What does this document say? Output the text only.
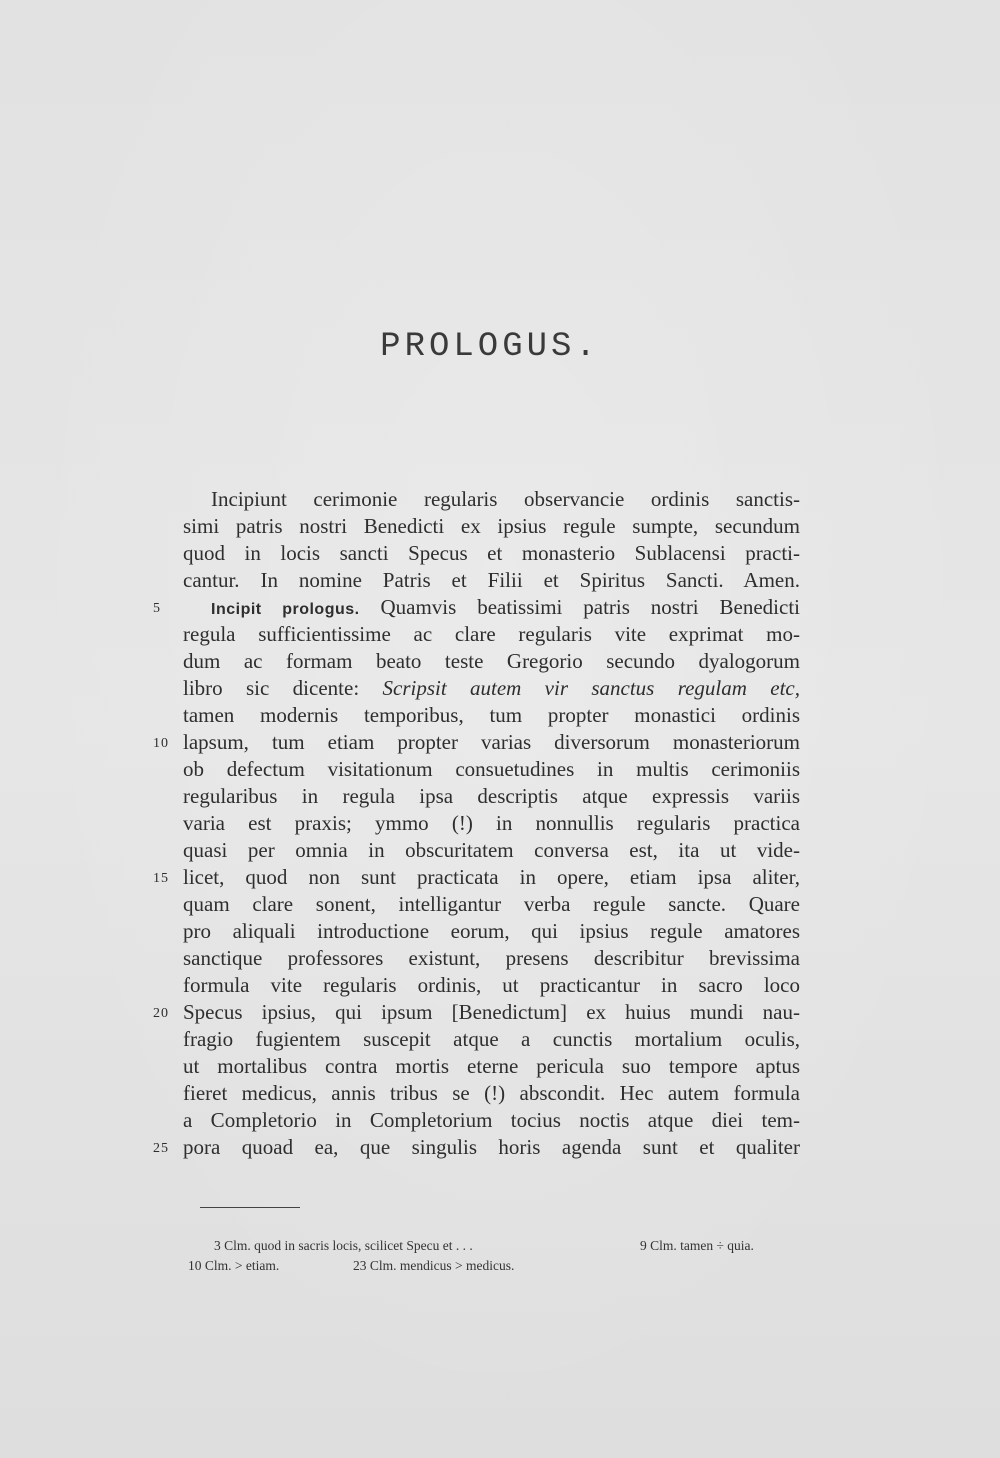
PROLOGUS.
Incipiunt cerimonie regularis observancie ordinis sanctis-
simi patris nostri Benedicti ex ipsius regule sumpte, secundum
quod in locis sancti Specus et monasterio Sublacensi practi-
cantur. In nomine Patris et Filii et Spiritus Sancti. Amen.
5	Incipit prologus. Quamvis beatissimi patris nostri Benedicti
regula sufficientissime ac clare regularis vite exprimat mo-
dum ac formam beato teste Gregorio secundo dyalogorum
libro sic dicente: Scripsit autem vir sanctus regulam etc,
tamen modernis temporibus, tum propter monastici ordinis
10 lapsum, tum etiam propter varias diversorum monasteriorum
ob defectum visitationum consuetudines in multis cerimoniis
regularibus in regula ipsa descriptis atque expressis variis
varia est praxis; ymmo (!) in nonnullis regularis practica
quasi per omnia in obscuritatem conversa est, ita ut vide-
15 licet, quod non sunt practicata in opere, etiam ipsa aliter,
quam clare sonent, intelligantur verba regule sancte. Quare
pro aliquali introductione eorum, qui ipsius regule amatores
sanctique professores existunt, presens describitur brevissima
formula vite regularis ordinis, ut practicantur in sacro loco
20 Specus ipsius, qui ipsum [Benedictum] ex huius mundi nau-
fragio fugientem suscepit atque a cunctis mortalium oculis,
ut mortalibus contra mortis eterne pericula suo tempore aptus
fieret medicus, annis tribus se (!) abscondit. Hec autem formula
a Completorio in Completorium tocius noctis atque diei tem-
25 pora quoad ea, que singulis horis agenda sunt et qualiter
3 Clm. quod in sacris locis, scilicet Specu et . . .	9 Clm. tamen ÷ quia.
10 Clm. > etiam.	23 Clm. mendicus > medicus.
